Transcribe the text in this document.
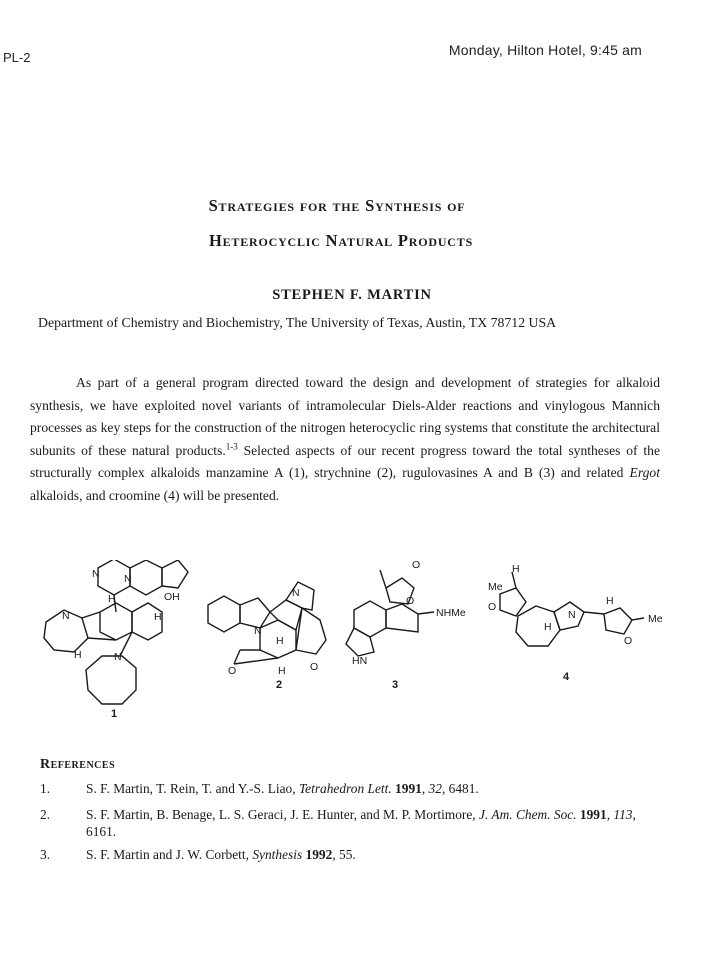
PL-2	Monday, Hilton Hotel, 9:45 am
Strategies for the Synthesis of
Heterocyclic Natural Products
STEPHEN F. MARTIN
Department of Chemistry and Biochemistry, The University of Texas, Austin, TX 78712 USA
As part of a general program directed toward the design and development of strategies for alkaloid synthesis, we have exploited novel variants of intramolecular Diels-Alder reactions and vinylogous Mannich processes as key steps for the construction of the nitrogen heterocyclic ring systems that constitute the architectural subunits of these natural products.$^{1-3}$ Selected aspects of our recent progress toward the total syntheses of the structurally complex alkaloids manzamine A (1), strychnine (2), rugulovasines A and B (3) and related Ergot alkaloids, and croomine (4) will be presented.
N N
OH
H
H
N
N
H
1
N
N
O	O
H
H
2
O
O
NHMe
HN
3
Me
O
H
H
N
H
Me
O
4
References
1.	S. F. Martin, T. Rein, T. and Y.-S. Liao, Tetrahedron Lett. 1991, 32, 6481.
2.	S. F. Martin, B. Benage, L. S. Geraci, J. E. Hunter, and M. P. Mortimore, J. Am. Chem. Soc. 1991, 113, 6161.
3.	S. F. Martin and J. W. Corbett, Synthesis 1992, 55.
